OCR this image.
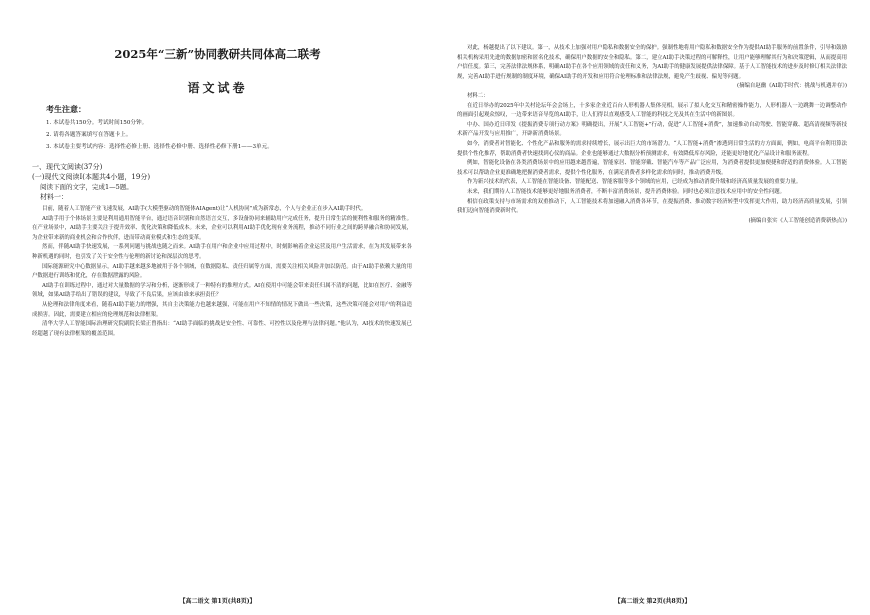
2025年“三新”协同教研共同体高二联考
语文试卷
考生注意：
1. 本试卷共150分。考试时间150分钟。
2. 请将各题答案填写在答题卡上。
3. 本试卷主要考试内容：选择性必修上册、选择性必修中册、选择性必修下册1——3单元。
一、现代文阅读(37分)
(一)现代文阅读Ⅰ(本题共4小题，19分)
阅读下面的文字，完成1—5题。
材料一：

目前，随着人工智能产业飞速发展，AI助手(大模型驱动的智能体AIAgent)让“人机协同”成为新常态，个人与企业正在步入AI助手时代。

AI助手用于个体场景主要是利用通用智能平台，通过语音识别和自然语言交互，多设备协同来辅助用户完成任务，提升日常生活的便利性和服务的精准性。在产业场景中，AI助手主要关注于提升效率、优化决策和降低成本。未来，企业可以利用AI助手优化现有业务流程，推动不同行业之间的跨界融合和协同发展，为企业带来新的商业机会和合作伙伴，进而带动商业模式和生态的变革。

然而，伴随AI助手快速发展，一系列问题与挑战也随之而来。AI助手在用户和企业中应用过程中，时刻影响着企业运营及用户生活需求，在为其发展带来各种新机遇的同时，也引发了关于安全性与伦理的新讨论和深层次的思考。

国际能源研究中心数据显示，AI助手越来越多地被用于各个领域，在数据隐私、责任归属等方面，需要关注相关风险并加以防范。由于AI助手依赖大量的用户数据进行训练和优化，存在数据泄露的风险。

AI助手在训练过程中，通过对大量数据的学习和分析，逐渐形成了一种特有的推理方式。AI在使用中可能会带来责任归属不清的问题，比如在医疗、金融等领域，如果AI助手给出了错误的建议，导致了不良后果，应该由谁来承担责任？

从伦理和法律角度来看，随着AI助手能力的增强，其自主决策能力也越来越强，可能在用户不知情的情况下做出一些决策，这些决策可能会对用户的利益造成损害。因此，需要建立相应的伦理规范和法律框架。

清华大学人工智能国际治理研究院副院长梁正曾指出：“AI助手面临的挑战是安全性、可靠性、可控性以及伦理与法律问题。”他认为，AI技术的快速发展已经超越了现有法律框架的覆盖范围。

【高二语文 第1页(共8页)】

对此，杨越提出了以下建议。第一，从技术上加强对用户隐私和数据安全的保护。强制性地将用户隐私和数据安全作为提供AI助手服务的前置条件，引导和鼓励相关机构采用先进的数据加密和匿名化技术，确保用户数据的安全和隐私。第二，建立AI助手决策过程的可解释性，让用户能够理解其行为和决策逻辑，从而提高用户信任度。第三，完善法律法规体系，明确AI助手在各个应用领域的责任和义务，为AI助手的健康发展提供法律保障。基于人工智能技术的进步及时修订相关法律法规，完善AI助手进行规制的制度环境，确保AI助手的开发和应用符合伦理标准和法律法规，避免产生歧视、偏见等问题。

(摘编自赵幽《AI助手时代：挑战与机遇并存》)

材料二：

在近日举办的2025年中关村论坛年会会场上，十多家企业近百台人形机器人集体亮相，展示了拟人化交互和精密操作能力，人形机器人一边跳舞一边调整动作的画面引起观众惊叹，一边带来语音导览的AI助手，让人们得以直观感受人工智能的科技之光及其在生活中的新图景。

中办、国办近日印发《提振消费专项行动方案》明确提出，开展“人工智能+”行动，促进“人工智能+消费”，加速推动自动驾驶、智能穿戴、超高清视频等新技术新产品开发与应用推广，开辟新消费场景。

如今，消费者对智能化、个性化产品和服务的需求持续增长，展示出巨大的市场潜力。“人工智能+消费”渗透到日常生活的方方面面，例如，电商平台利用算法提供个性化推荐，帮助消费者快速找到心仪的商品。企业也能够通过大数据分析预测需求，有效降低库存风险，还能更好地优化产品设计和服务流程。

例如，智能化设备在各类消费场景中的应用越来越普遍，智能家居、智能穿戴、智能汽车等产品广泛应用，为消费者提供更加便捷和舒适的消费体验。人工智能技术可以帮助企业更准确地把握消费者需求，提供个性化服务，在满足消费者多样化需求的同时，推动消费升级。

作为新兴技术的代表，人工智能在智能设备、智能配送、智能客服等多个领域的应用，已经成为推动消费升级和经济高质量发展的重要力量。

未来，我们期待人工智能技术能够更好地服务消费者，不断丰富消费场景，提升消费体验。同时也必须注意技术应用中的安全性问题。

相信在政策支持与市场需求的双重推动下，人工智能技术将加速融入消费各环节，在提振消费、推动数字经济转型中发挥更大作用，助力经济高质量发展，引领我们迈向智能消费新时代。

(摘编自张实《人工智能创造消费新热点》)

【高二语文 第2页(共8页)】
